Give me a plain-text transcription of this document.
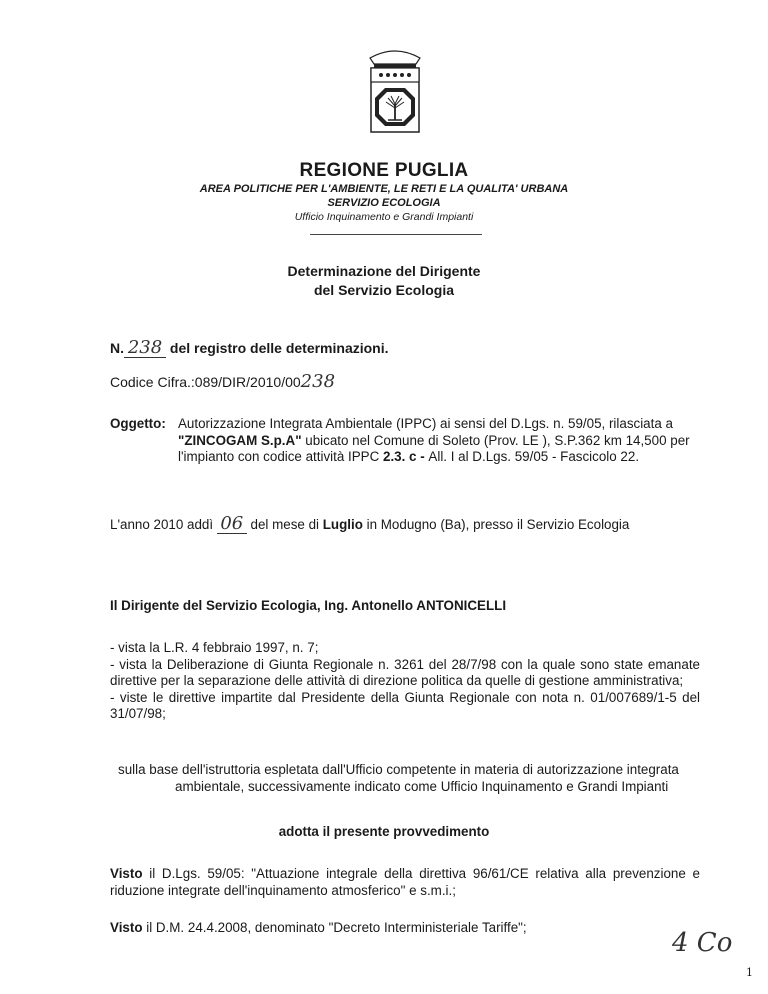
REGIONE PUGLIA
AREA POLITICHE PER L'AMBIENTE, LE RETI E LA QUALITA' URBANA
SERVIZIO ECOLOGIA
Ufficio Inquinamento e Grandi Impianti
Determinazione del Dirigente
del Servizio Ecologia
N. 238 del registro delle determinazioni.
Codice Cifra.:089/DIR/2010/00238
Oggetto: Autorizzazione Integrata Ambientale (IPPC) ai sensi del D.Lgs. n. 59/05, rilasciata a
"ZINCOGAM S.p.A" ubicato nel Comune di Soleto (Prov. LE ), S.P.362 km 14,500 per
l'impianto con codice attività IPPC 2.3. c - All. I al D.Lgs. 59/05 - Fascicolo 22.
L'anno 2010 addì 06 del mese di Luglio in Modugno (Ba), presso il Servizio Ecologia
Il Dirigente del Servizio Ecologia, Ing. Antonello ANTONICELLI
- vista la L.R. 4 febbraio 1997, n. 7;
- vista la Deliberazione di Giunta Regionale n. 3261 del 28/7/98 con la quale sono state emanate direttive per la separazione delle attività di direzione politica da quelle di gestione amministrativa;
- viste le direttive impartite dal Presidente della Giunta Regionale con nota n. 01/007689/1-5 del 31/07/98;
sulla base dell'istruttoria espletata dall'Ufficio competente in materia di autorizzazione integrata
ambientale, successivamente indicato come Ufficio Inquinamento e Grandi Impianti
adotta il presente provvedimento
Visto il D.Lgs. 59/05: "Attuazione integrale della direttiva 96/61/CE relativa alla prevenzione e riduzione integrate dell'inquinamento atmosferico" e s.m.i.;
Visto il D.M. 24.4.2008, denominato "Decreto Interministeriale Tariffe";
4 Co
1
